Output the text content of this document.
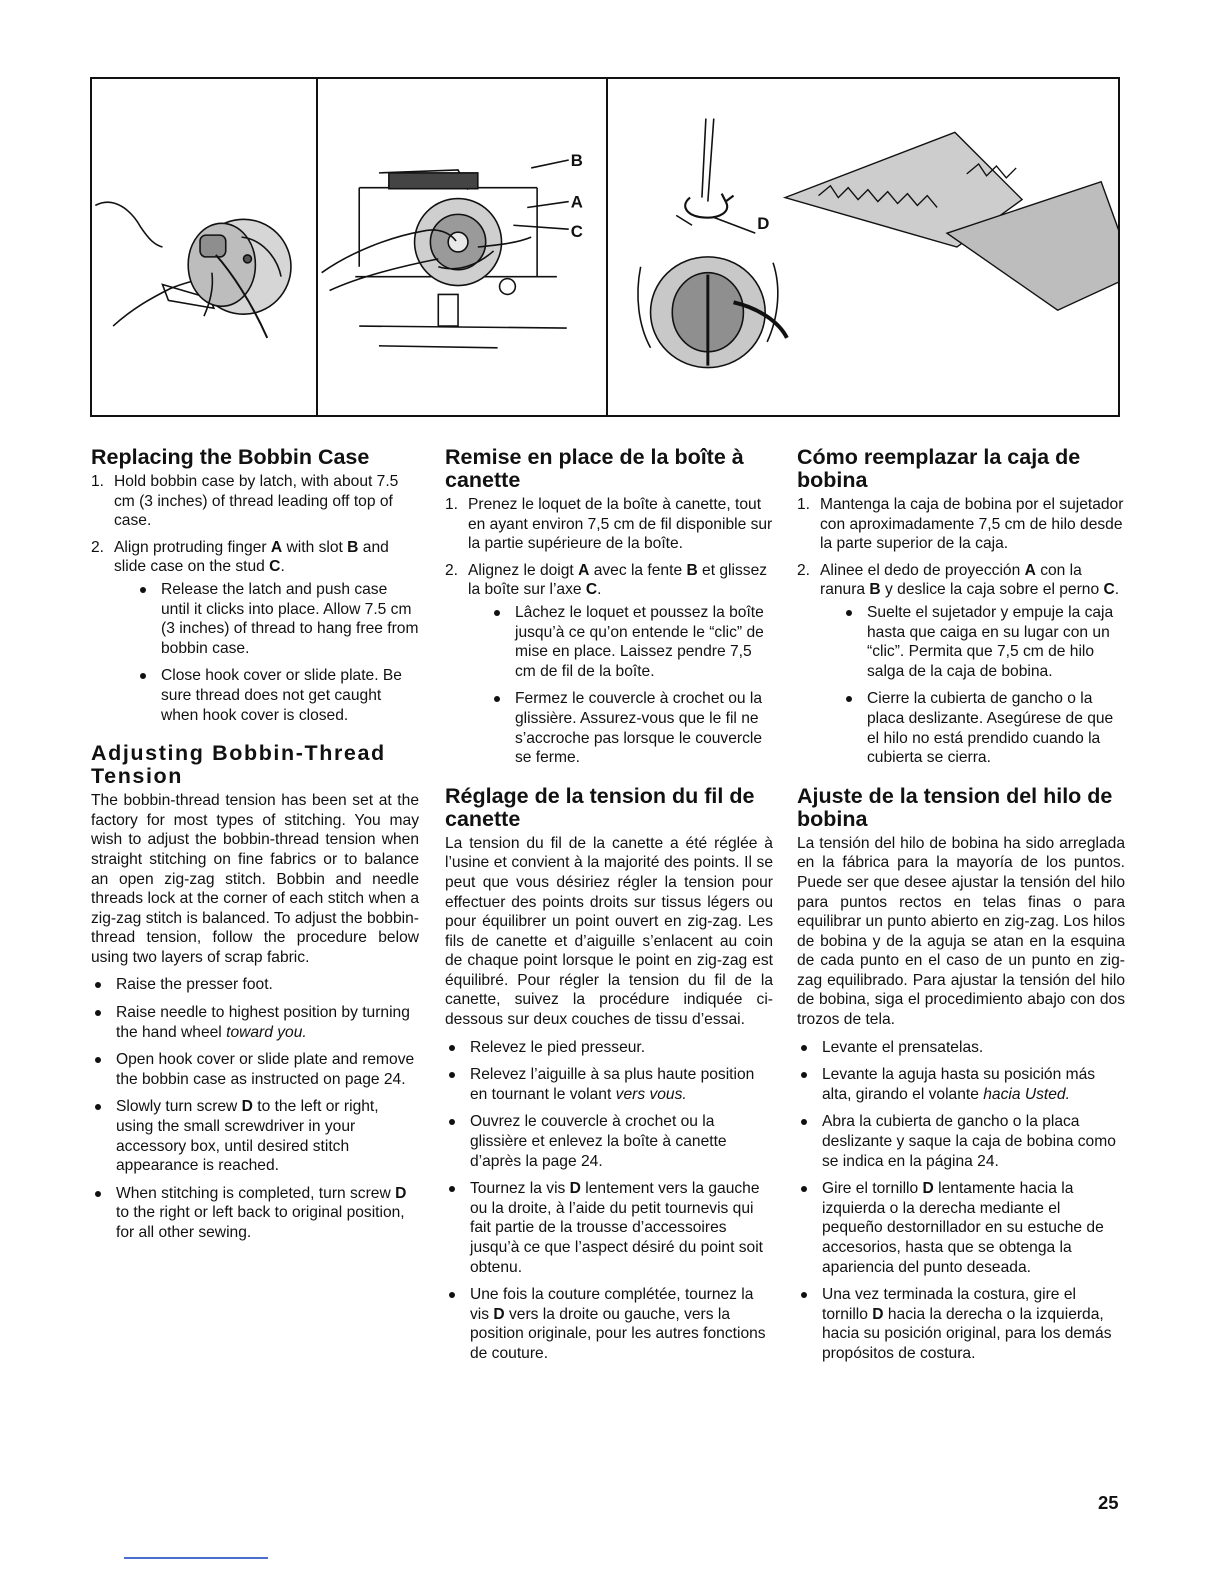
B
A
C	D
Replacing the Bobbin Case
1. Hold bobbin case by latch, with about 7.5 cm (3 inches) of thread leading off top of case.
2. Align protruding finger A with slot B and slide case on the stud C.
Release the latch and push case until it clicks into place. Allow 7.5 cm (3 inches) of thread to hang free from bobbin case.
Close hook cover or slide plate. Be sure thread does not get caught when hook cover is closed.
Adjusting Bobbin-Thread Tension

The bobbin-thread tension has been set at the factory for most types of stitching. You may wish to adjust the bobbin-thread tension when straight stitching on fine fabrics or to balance an open zig-zag stitch. Bobbin and needle threads lock at the corner of each stitch when a zig-zag stitch is balanced. To adjust the bobbin-thread tension, follow the procedure below using two layers of scrap fabric.

Raise the presser foot.
Raise needle to highest position by turning the hand wheel toward you.
Open hook cover or slide plate and remove the bobbin case as instructed on page 24.
Slowly turn screw D to the left or right, using the small screwdriver in your accessory box, until desired stitch appearance is reached.
When stitching is completed, turn screw D to the right or left back to original position, for all other sewing.
Remise en place de la boîte à canette
1. Prenez le loquet de la boîte à canette, tout en ayant environ 7,5 cm de fil disponible sur la partie supérieure de la boîte.
2. Alignez le doigt A avec la fente B et glissez la boîte sur l’axe C.
Lâchez le loquet et poussez la boîte jusqu’à ce qu’on entende le “clic” de mise en place. Laissez pendre 7,5 cm de fil de la boîte.
Fermez le couvercle à crochet ou la glissière. Assurez-vous que le fil ne s’accroche pas lorsque le couvercle se ferme.
Réglage de la tension du fil de canette

La tension du fil de la canette a été réglée à l’usine et convient à la majorité des points. Il se peut que vous désiriez régler la tension pour effectuer des points droits sur tissus légers ou pour équilibrer un point ouvert en zig-zag. Les fils de canette et d’aiguille s’enlacent au coin de chaque point lorsque le point en zig-zag est équilibré. Pour régler la tension du fil de la canette, suivez la procédure indiquée ci-dessous sur deux couches de tissu d’essai.

Relevez le pied presseur.
Relevez l’aiguille à sa plus haute position en tournant le volant vers vous.
Ouvrez le couvercle à crochet ou la glissière et enlevez la boîte à canette d’après la page 24.
Tournez la vis D lentement vers la gauche ou la droite, à l’aide du petit tournevis qui fait partie de la trousse d’accessoires jusqu’à ce que l’aspect désiré du point soit obtenu.
Une fois la couture complétée, tournez la vis D vers la droite ou gauche, vers la position originale, pour les autres fonctions de couture.
Cómo reemplazar la caja de bobina
1. Mantenga la caja de bobina por el sujetador con aproximadamente 7,5 cm de hilo desde la parte superior de la caja.
2. Alinee el dedo de proyección A con la ranura B y deslice la caja sobre el perno C.
Suelte el sujetador y empuje la caja hasta que caiga en su lugar con un “clic”. Permita que 7,5 cm de hilo salga de la caja de bobina.
Cierre la cubierta de gancho o la placa deslizante. Asegúrese de que el hilo no está prendido cuando la cubierta se cierra.
Ajuste de la tension del hilo de bobina

La tensión del hilo de bobina ha sido arreglada en la fábrica para la mayoría de los puntos. Puede ser que desee ajustar la tensión del hilo para puntos rectos en telas finas o para equilibrar un punto abierto en zig-zag. Los hilos de bobina y de la aguja se atan en la esquina de cada punto en el caso de un punto en zig-zag equilibrado. Para ajustar la tensión del hilo de bobina, siga el procedimiento abajo con dos trozos de tela.

Levante el prensatelas.
Levante la aguja hasta su posición más alta, girando el volante hacia Usted.
Abra la cubierta de gancho o la placa deslizante y saque la caja de bobina como se indica en la página 24.
Gire el tornillo D lentamente hacia la izquierda o la derecha mediante el pequeño destornillador en su estuche de accesorios, hasta que se obtenga la apariencia del punto deseada.
Una vez terminada la costura, gire el tornillo D hacia la derecha o la izquierda, hacia su posición original, para los demás propósitos de costura.
25
